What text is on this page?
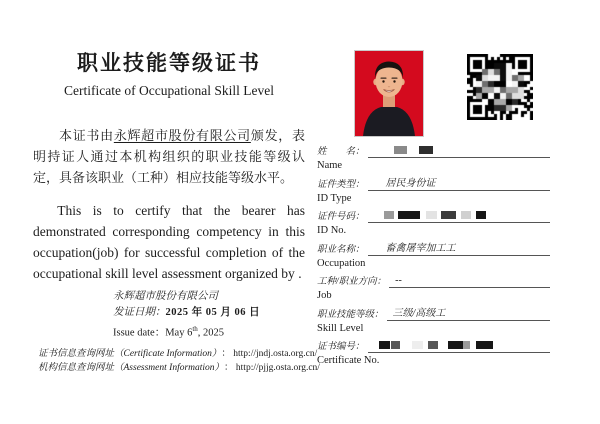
职业技能等级证书
Certificate of Occupational Skill Level

本证书由永辉超市股份有限公司颁发，表明持证人通过本机构组织的职业技能等级认定，具备该职业（工种）相应技能等级水平。

This is to certify that the bearer has demonstrated corresponding competency in this occupation(job) for successful completion of the occupational skill level assessment organized by .

永辉超市股份有限公司
发证日期：2025 年 05 月 06 日
Issue date：May 6th, 2025
证书信息查询网址（Certificate Information）： http://jndj.osta.org.cn/
机构信息查询网址（Assessment Information）： http://pjjg.osta.org.cn/
姓　　名：
Name
证件类型：	居民身份证
ID Type
证件号码：
ID No.
职业名称：	畜禽屠宰加工工
Occupation
工种/职业方向： --
Job
职业技能等级： 三级/高级工
Skill Level
证书编号：
Certificate No.
